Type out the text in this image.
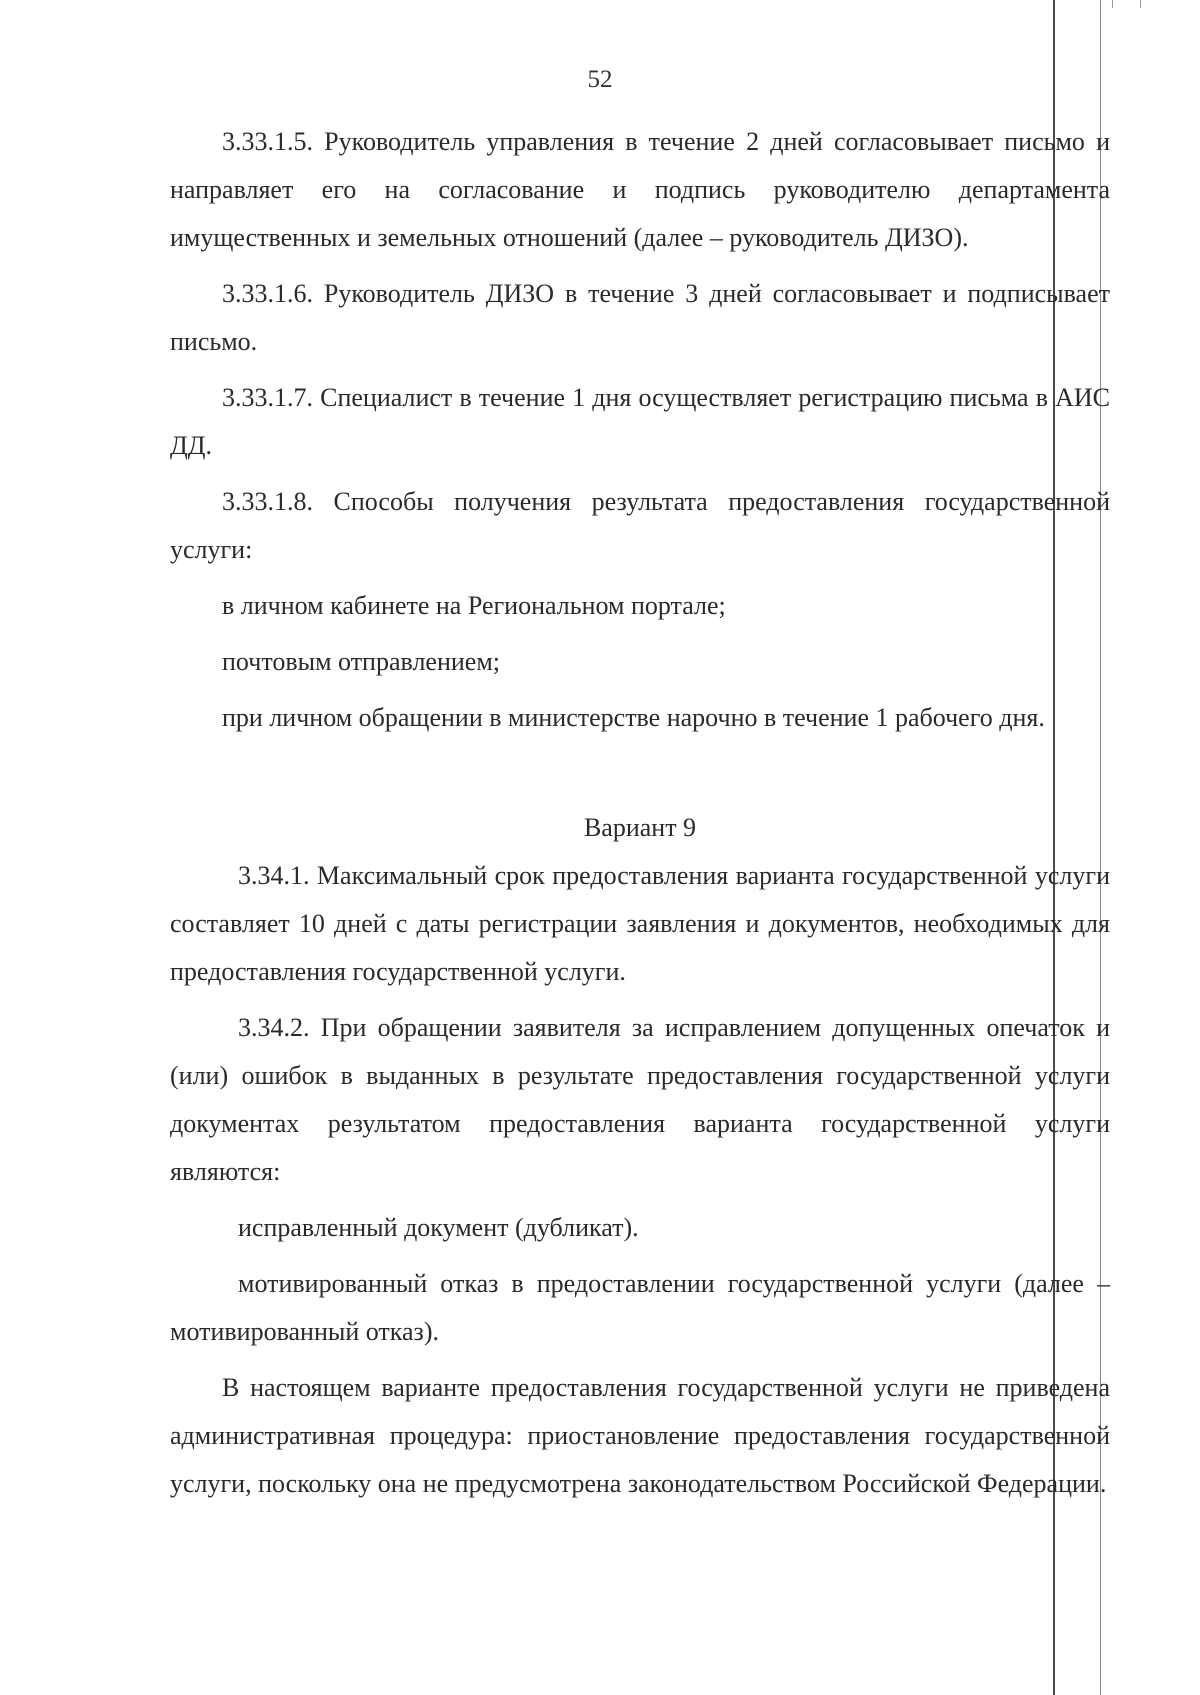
52

3.33.1.5. Руководитель управления в течение 2 дней согласовывает письмо и направляет его на согласование и подпись руководителю департамента имущественных и земельных отношений (далее – руководитель ДИЗО).

3.33.1.6. Руководитель ДИЗО в течение 3 дней согласовывает и подписывает письмо.

3.33.1.7. Специалист в течение 1 дня осуществляет регистрацию письма в АИС ДД.

3.33.1.8. Способы получения результата предоставления государственной услуги:

в личном кабинете на Региональном портале;

почтовым отправлением;

при личном обращении в министерстве нарочно в течение 1 рабочего дня.

Вариант 9

3.34.1. Максимальный срок предоставления варианта государственной услуги составляет 10 дней с даты регистрации заявления и документов, необходимых для предоставления государственной услуги.

3.34.2. При обращении заявителя за исправлением допущенных опечаток и (или) ошибок в выданных в результате предоставления государственной услуги документах результатом предоставления варианта государственной услуги являются:

исправленный документ (дубликат).

мотивированный отказ в предоставлении государственной услуги (далее – мотивированный отказ).

В настоящем варианте предоставления государственной услуги не приведена административная процедура: приостановление предоставления государственной услуги, поскольку она не предусмотрена законодательством Российской Федерации.
